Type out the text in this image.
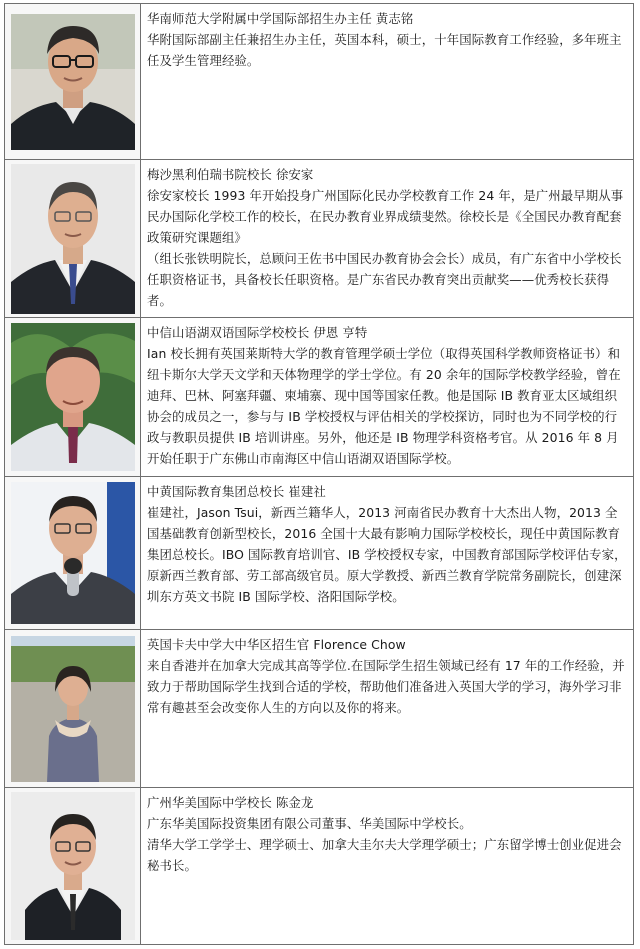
华南师范大学附属中学国际部招生办主任 黄志铭
华附国际部副主任兼招生办主任，英国本科，硕士，十年国际教育工作经验，多年班主任及学生管理经验。
梅沙黑利伯瑞书院校长 徐安家
徐安家校长 1993 年开始投身广州国际化民办学校教育工作 24 年，是广州最早期从事民办国际化学校工作的校长，在民办教育业界成绩斐然。徐校长是《全国民办教育配套政策研究课题组》
（组长张铁明院长，总顾问王佐书中国民办教育协会会长）成员，有广东省中小学校长任职资格证书，具备校长任职资格。是广东省民办教育突出贡献奖——优秀校长获得者。
中信山语湖双语国际学校校长 伊恩 亨特
Ian 校长拥有英国莱斯特大学的教育管理学硕士学位（取得英国科学教师资格证书）和纽卡斯尔大学天文学和天体物理学的学士学位。有 20 余年的国际学校教学经验，曾在迪拜、巴林、阿塞拜疆、柬埔寨、现中国等国家任教。他是国际 IB 教育亚太区域组织协会的成员之一，参与与 IB 学校授权与评估相关的学校探访，同时也为不同学校的行政与教职员提供 IB 培训讲座。另外，他还是 IB 物理学科资格考官。从 2016 年 8 月开始任职于广东佛山市南海区中信山语湖双语国际学校。
中黄国际教育集团总校长 崔建社
崔建社，Jason Tsui，新西兰籍华人，2013 河南省民办教育十大杰出人物，2013 全国基础教育创新型校长，2016 全国十大最有影响力国际学校校长，现任中黄国际教育集团总校长。IBO 国际教育培训官、IB 学校授权专家，中国教育部国际学校评估专家，原新西兰教育部、劳工部高级官员。原大学教授、新西兰教育学院常务副院长，创建深圳东方英文书院 IB 国际学校、洛阳国际学校。
英国卡夫中学大中华区招生官 Florence Chow
来自香港并在加拿大完成其高等学位.在国际学生招生领域已经有 17 年的工作经验，并致力于帮助国际学生找到合适的学校，帮助他们准备进入英国大学的学习，海外学习非常有趣甚至会改变你人生的方向以及你的将来。
广州华美国际中学校长 陈金龙
广东华美国际投资集团有限公司董事、华美国际中学校长。
清华大学工学学士、理学硕士、加拿大圭尔夫大学理学硕士；广东留学博士创业促进会秘书长。
